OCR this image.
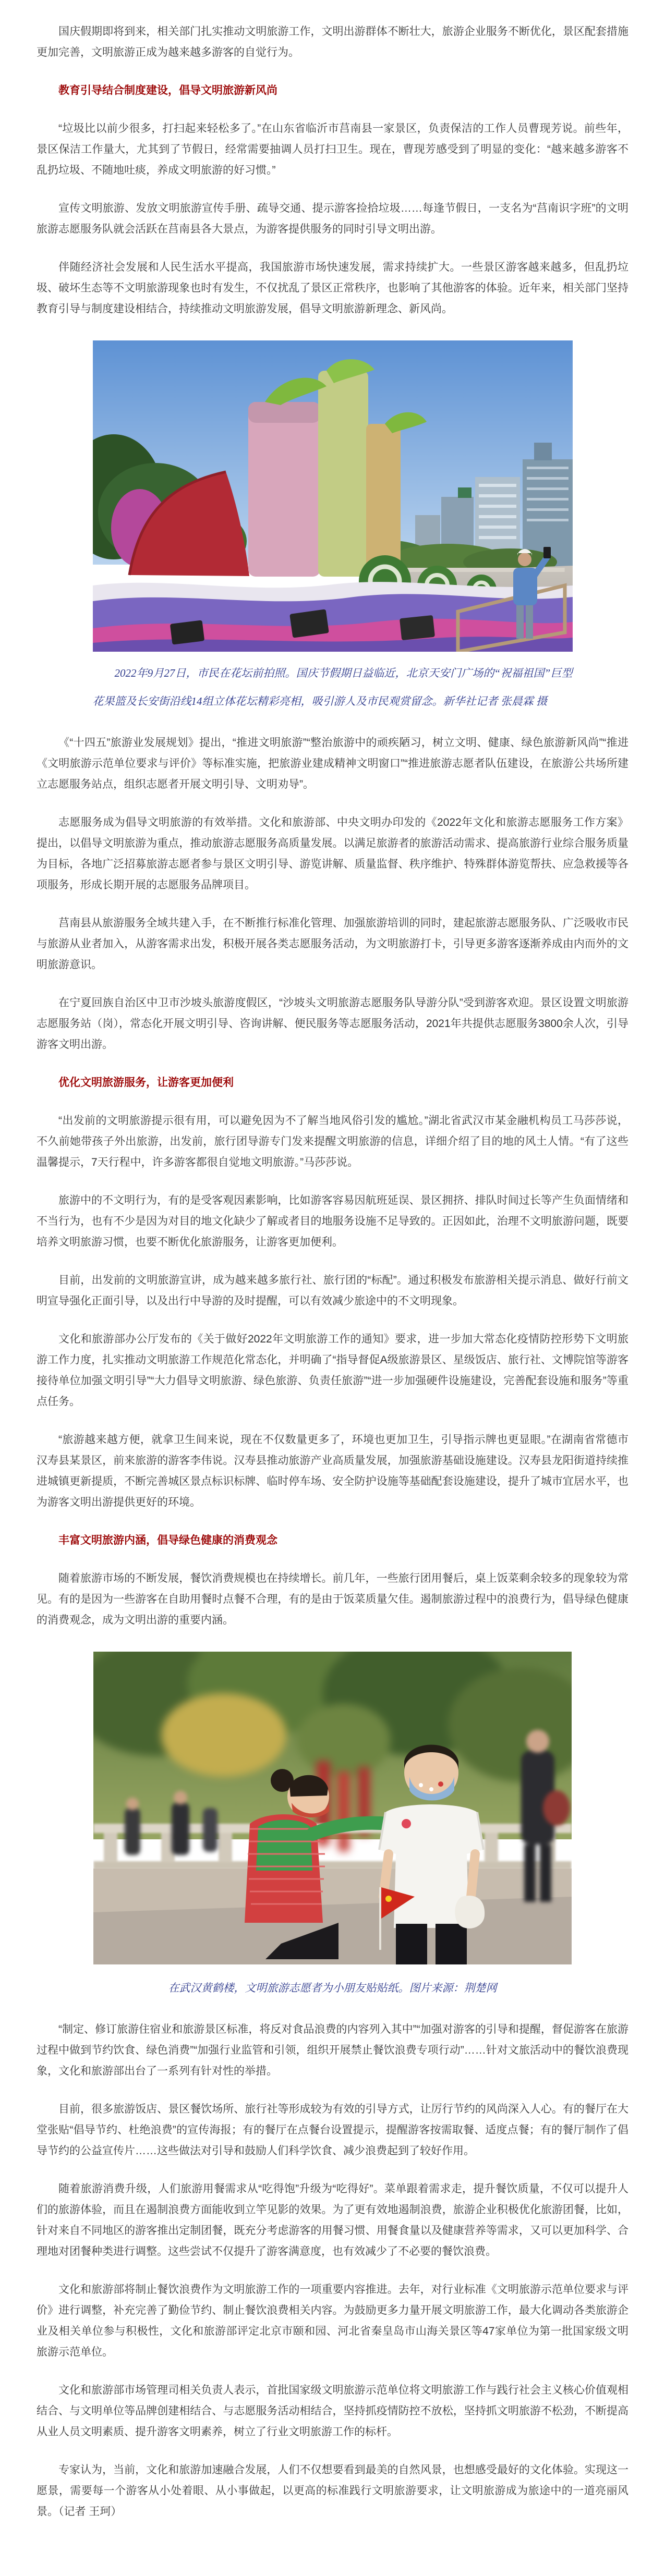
国庆假期即将到来，相关部门扎实推动文明旅游工作，文明出游群体不断壮大，旅游企业服务不断优化，景区配套措施更加完善，文明旅游正成为越来越多游客的自觉行为。

教育引导结合制度建设，倡导文明旅游新风尚

“垃圾比以前少很多，打扫起来轻松多了。”在山东省临沂市莒南县一家景区，负责保洁的工作人员曹现芳说。前些年，景区保洁工作量大，尤其到了节假日，经常需要抽调人员打扫卫生。现在，曹现芳感受到了明显的变化：“越来越多游客不乱扔垃圾、不随地吐痰，养成文明旅游的好习惯。”

宣传文明旅游、发放文明旅游宣传手册、疏导交通、提示游客捡拾垃圾……每逢节假日，一支名为“莒南识字班”的文明旅游志愿服务队就会活跃在莒南县各大景点，为游客提供服务的同时引导文明出游。

伴随经济社会发展和人民生活水平提高，我国旅游市场快速发展，需求持续扩大。一些景区游客越来越多，但乱扔垃圾、破坏生态等不文明旅游现象也时有发生，不仅扰乱了景区正常秩序，也影响了其他游客的体验。近年来，相关部门坚持教育引导与制度建设相结合，持续推动文明旅游发展，倡导文明旅游新理念、新风尚。

2022年9月27日，市民在花坛前拍照。国庆节假期日益临近，北京天安门广场的“祝福祖国”巨型花果篮及长安街沿线14组立体花坛精彩亮相，吸引游人及市民观赏留念。新华社记者 张晨霖 摄

《“十四五”旅游业发展规划》提出，“推进文明旅游”“整治旅游中的顽疾陋习，树立文明、健康、绿色旅游新风尚”“推进《文明旅游示范单位要求与评价》等标准实施，把旅游业建成精神文明窗口”“推进旅游志愿者队伍建设，在旅游公共场所建立志愿服务站点，组织志愿者开展文明引导、文明劝导”。

志愿服务成为倡导文明旅游的有效举措。文化和旅游部、中央文明办印发的《2022年文化和旅游志愿服务工作方案》提出，以倡导文明旅游为重点，推动旅游志愿服务高质量发展。以满足旅游者的旅游活动需求、提高旅游行业综合服务质量为目标，各地广泛招募旅游志愿者参与景区文明引导、游览讲解、质量监督、秩序维护、特殊群体游览帮扶、应急救援等各项服务，形成长期开展的志愿服务品牌项目。

莒南县从旅游服务全域共建入手，在不断推行标准化管理、加强旅游培训的同时，建起旅游志愿服务队、广泛吸收市民与旅游从业者加入，从游客需求出发，积极开展各类志愿服务活动，为文明旅游打卡，引导更多游客逐渐养成由内而外的文明旅游意识。

在宁夏回族自治区中卫市沙坡头旅游度假区，“沙坡头文明旅游志愿服务队导游分队”受到游客欢迎。景区设置文明旅游志愿服务站（岗），常态化开展文明引导、咨询讲解、便民服务等志愿服务活动，2021年共提供志愿服务3800余人次，引导游客文明出游。

优化文明旅游服务，让游客更加便利

“出发前的文明旅游提示很有用，可以避免因为不了解当地风俗引发的尴尬。”湖北省武汉市某金融机构员工马莎莎说，不久前她带孩子外出旅游，出发前，旅行团导游专门发来提醒文明旅游的信息，详细介绍了目的地的风土人情。“有了这些温馨提示，7天行程中，许多游客都很自觉地文明旅游。”马莎莎说。

旅游中的不文明行为，有的是受客观因素影响，比如游客容易因航班延误、景区拥挤、排队时间过长等产生负面情绪和不当行为，也有不少是因为对目的地文化缺少了解或者目的地服务设施不足导致的。正因如此，治理不文明旅游问题，既要培养文明旅游习惯，也要不断优化旅游服务，让游客更加便利。

目前，出发前的文明旅游宣讲，成为越来越多旅行社、旅行团的“标配”。通过积极发布旅游相关提示消息、做好行前文明宣导强化正面引导，以及出行中导游的及时提醒，可以有效减少旅途中的不文明现象。

文化和旅游部办公厅发布的《关于做好2022年文明旅游工作的通知》要求，进一步加大常态化疫情防控形势下文明旅游工作力度，扎实推动文明旅游工作规范化常态化，并明确了“指导督促A级旅游景区、星级饭店、旅行社、文博院馆等游客接待单位加强文明引导”“大力倡导文明旅游、绿色旅游、负责任旅游”“进一步加强硬件设施建设，完善配套设施和服务”等重点任务。

“旅游越来越方便，就拿卫生间来说，现在不仅数量更多了，环境也更加卫生，引导指示牌也更显眼。”在湖南省常德市汉寿县某景区，前来旅游的游客李伟说。汉寿县推动旅游产业高质量发展，加强旅游基础设施建设。汉寿县龙阳街道持续推进城镇更新提质，不断完善城区景点标识标牌、临时停车场、安全防护设施等基础配套设施建设，提升了城市宜居水平，也为游客文明出游提供更好的环境。

丰富文明旅游内涵，倡导绿色健康的消费观念

随着旅游市场的不断发展，餐饮消费规模也在持续增长。前几年，一些旅行团用餐后，桌上饭菜剩余较多的现象较为常见。有的是因为一些游客在自助用餐时点餐不合理，有的是由于饭菜质量欠佳。遏制旅游过程中的浪费行为，倡导绿色健康的消费观念，成为文明出游的重要内涵。

在武汉黄鹤楼，文明旅游志愿者为小朋友贴贴纸。图片来源：荆楚网

“制定、修订旅游住宿业和旅游景区标准，将反对食品浪费的内容列入其中”“加强对游客的引导和提醒，督促游客在旅游过程中做到节约饮食、绿色消费”“加强行业监管和引领，组织开展禁止餐饮浪费专项行动”……针对文旅活动中的餐饮浪费现象，文化和旅游部出台了一系列有针对性的举措。

目前，很多旅游饭店、景区餐饮场所、旅行社等形成较为有效的引导方式，让厉行节约的风尚深入人心。有的餐厅在大堂张贴“倡导节约、杜绝浪费”的宣传海报；有的餐厅在点餐台设置提示，提醒游客按需取餐、适度点餐；有的餐厅制作了倡导节约的公益宣传片……这些做法对引导和鼓励人们科学饮食、减少浪费起到了较好作用。

随着旅游消费升级，人们旅游用餐需求从“吃得饱”升级为“吃得好”。菜单跟着需求走，提升餐饮质量，不仅可以提升人们的旅游体验，而且在遏制浪费方面能收到立竿见影的效果。为了更有效地遏制浪费，旅游企业积极优化旅游团餐，比如，针对来自不同地区的游客推出定制团餐，既充分考虑游客的用餐习惯、用餐食量以及健康营养等需求，又可以更加科学、合理地对团餐种类进行调整。这些尝试不仅提升了游客满意度，也有效减少了不必要的餐饮浪费。

文化和旅游部将制止餐饮浪费作为文明旅游工作的一项重要内容推进。去年，对行业标准《文明旅游示范单位要求与评价》进行调整，补充完善了勤俭节约、制止餐饮浪费相关内容。为鼓励更多力量开展文明旅游工作，最大化调动各类旅游企业及相关单位参与积极性，文化和旅游部评定北京市颐和园、河北省秦皇岛市山海关景区等47家单位为第一批国家级文明旅游示范单位。

文化和旅游部市场管理司相关负责人表示，首批国家级文明旅游示范单位将文明旅游工作与践行社会主义核心价值观相结合、与文明单位等品牌创建相结合、与志愿服务活动相结合，坚持抓疫情防控不放松，坚持抓文明旅游不松劲，不断提高从业人员文明素质、提升游客文明素养，树立了行业文明旅游工作的标杆。

专家认为，当前，文化和旅游加速融合发展，人们不仅想要看到最美的自然风景，也想感受最好的文化体验。实现这一愿景，需要每一个游客从小处着眼、从小事做起，以更高的标准践行文明旅游要求，让文明旅游成为旅途中的一道亮丽风景。（记者 王珂）
